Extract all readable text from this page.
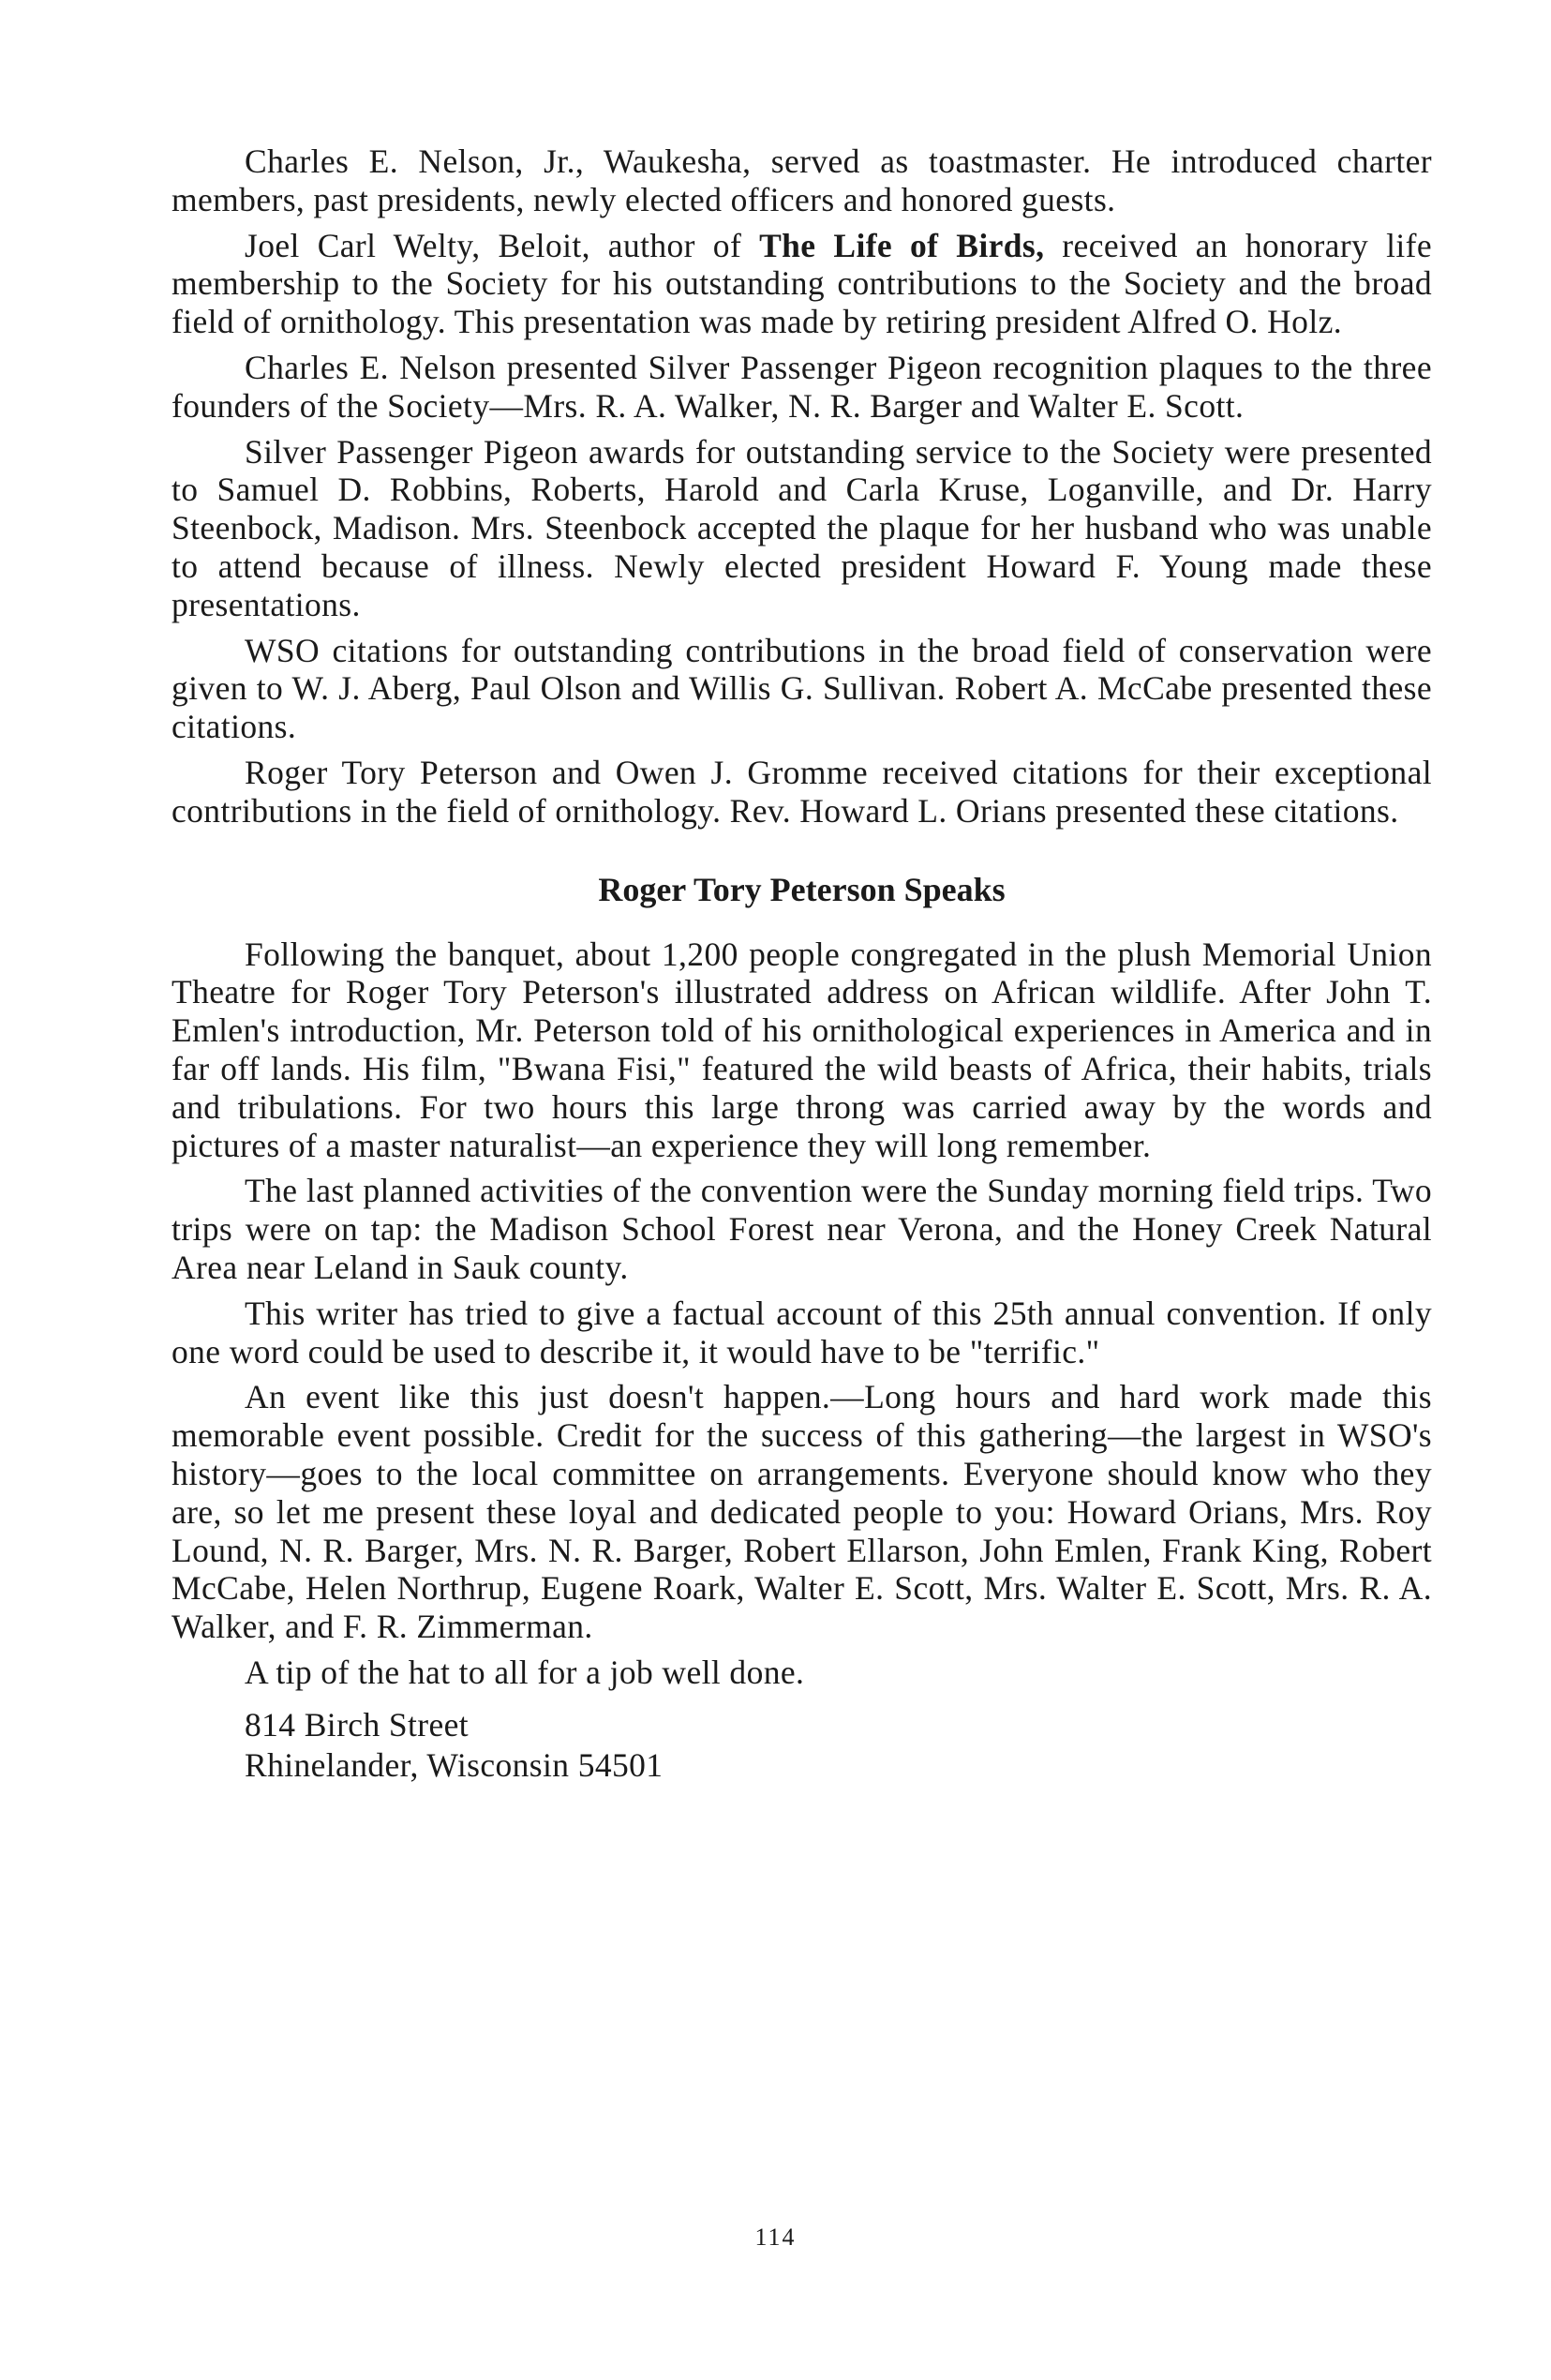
Charles E. Nelson, Jr., Waukesha, served as toastmaster. He introduced charter members, past presidents, newly elected officers and honored guests.

Joel Carl Welty, Beloit, author of The Life of Birds, received an honorary life membership to the Society for his outstanding contributions to the Society and the broad field of ornithology. This presentation was made by retiring president Alfred O. Holz.

Charles E. Nelson presented Silver Passenger Pigeon recognition plaques to the three founders of the Society—Mrs. R. A. Walker, N. R. Barger and Walter E. Scott.

Silver Passenger Pigeon awards for outstanding service to the Society were presented to Samuel D. Robbins, Roberts, Harold and Carla Kruse, Loganville, and Dr. Harry Steenbock, Madison. Mrs. Steenbock accepted the plaque for her husband who was unable to attend because of illness. Newly elected president Howard F. Young made these presentations.

WSO citations for outstanding contributions in the broad field of conservation were given to W. J. Aberg, Paul Olson and Willis G. Sullivan. Robert A. McCabe presented these citations.

Roger Tory Peterson and Owen J. Gromme received citations for their exceptional contributions in the field of ornithology. Rev. Howard L. Orians presented these citations.

Roger Tory Peterson Speaks

Following the banquet, about 1,200 people congregated in the plush Memorial Union Theatre for Roger Tory Peterson's illustrated address on African wildlife. After John T. Emlen's introduction, Mr. Peterson told of his ornithological experiences in America and in far off lands. His film, "Bwana Fisi," featured the wild beasts of Africa, their habits, trials and tribulations. For two hours this large throng was carried away by the words and pictures of a master naturalist—an experience they will long remember.

The last planned activities of the convention were the Sunday morning field trips. Two trips were on tap: the Madison School Forest near Verona, and the Honey Creek Natural Area near Leland in Sauk county.

This writer has tried to give a factual account of this 25th annual convention. If only one word could be used to describe it, it would have to be "terrific."

An event like this just doesn't happen.—Long hours and hard work made this memorable event possible. Credit for the success of this gathering—the largest in WSO's history—goes to the local committee on arrangements. Everyone should know who they are, so let me present these loyal and dedicated people to you: Howard Orians, Mrs. Roy Lound, N. R. Barger, Mrs. N. R. Barger, Robert Ellarson, John Emlen, Frank King, Robert McCabe, Helen Northrup, Eugene Roark, Walter E. Scott, Mrs. Walter E. Scott, Mrs. R. A. Walker, and F. R. Zimmerman.

A tip of the hat to all for a job well done.

814 Birch Street
Rhinelander, Wisconsin 54501
114
